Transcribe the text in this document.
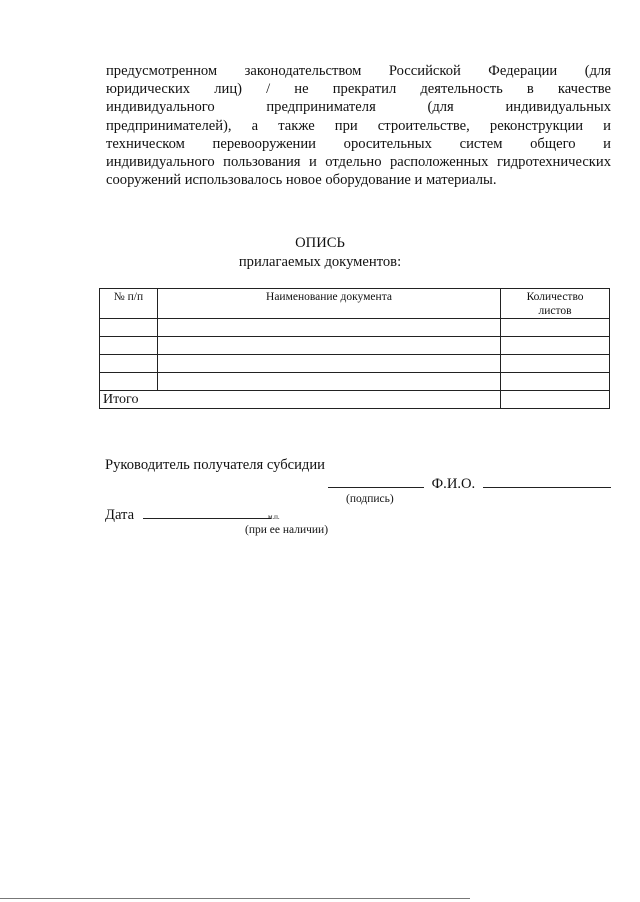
предусмотренном законодательством Российской Федерации (для
юридических лиц) / не прекратил деятельность в качестве
индивидуального предпринимателя (для индивидуальных
предпринимателей), а также при строительстве, реконструкции и
техническом перевооружении оросительных систем общего и
индивидуального пользования и отдельно расположенных гидротехнических
сооружений использовалось новое оборудование и материалы.
ОПИСЬ
прилагаемых документов:
№ п/п	Наименование документа	Количество
листов

Итого		
Руководитель получателя субсидии
Ф.И.О.
(подпись)
Дата	м.п.
(при ее наличии)
